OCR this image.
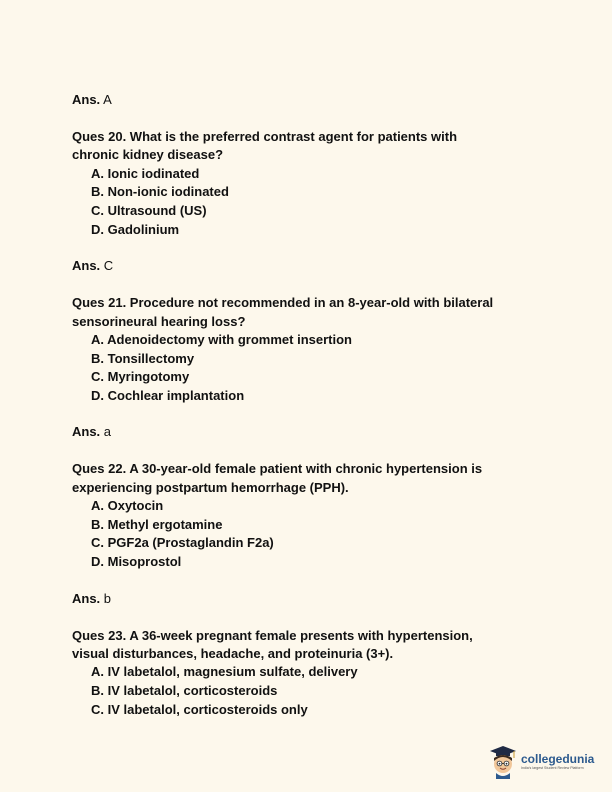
Ans. A

Ques 20. What is the preferred contrast agent for patients with

chronic kidney disease?

A. Ionic iodinated
B. Non-ionic iodinated
C. Ultrasound (US)
D. Gadolinium

Ans. C

Ques 21. Procedure not recommended in an 8-year-old with bilateral

sensorineural hearing loss?

A. Adenoidectomy with grommet insertion
B. Tonsillectomy
C. Myringotomy
D. Cochlear implantation

Ans. a

Ques 22. A 30-year-old female patient with chronic hypertension is

experiencing postpartum hemorrhage (PPH).

A. Oxytocin
B. Methyl ergotamine
C. PGF2a (Prostaglandin F2a)
D. Misoprostol

Ans. b

Ques 23. A 36-week pregnant female presents with hypertension,

visual disturbances, headache, and proteinuria (3+).

A. IV labetalol, magnesium sulfate, delivery
B. IV labetalol, corticosteroids
C. IV labetalol, corticosteroids only
collegedunia
India's largest Student Review Platform
